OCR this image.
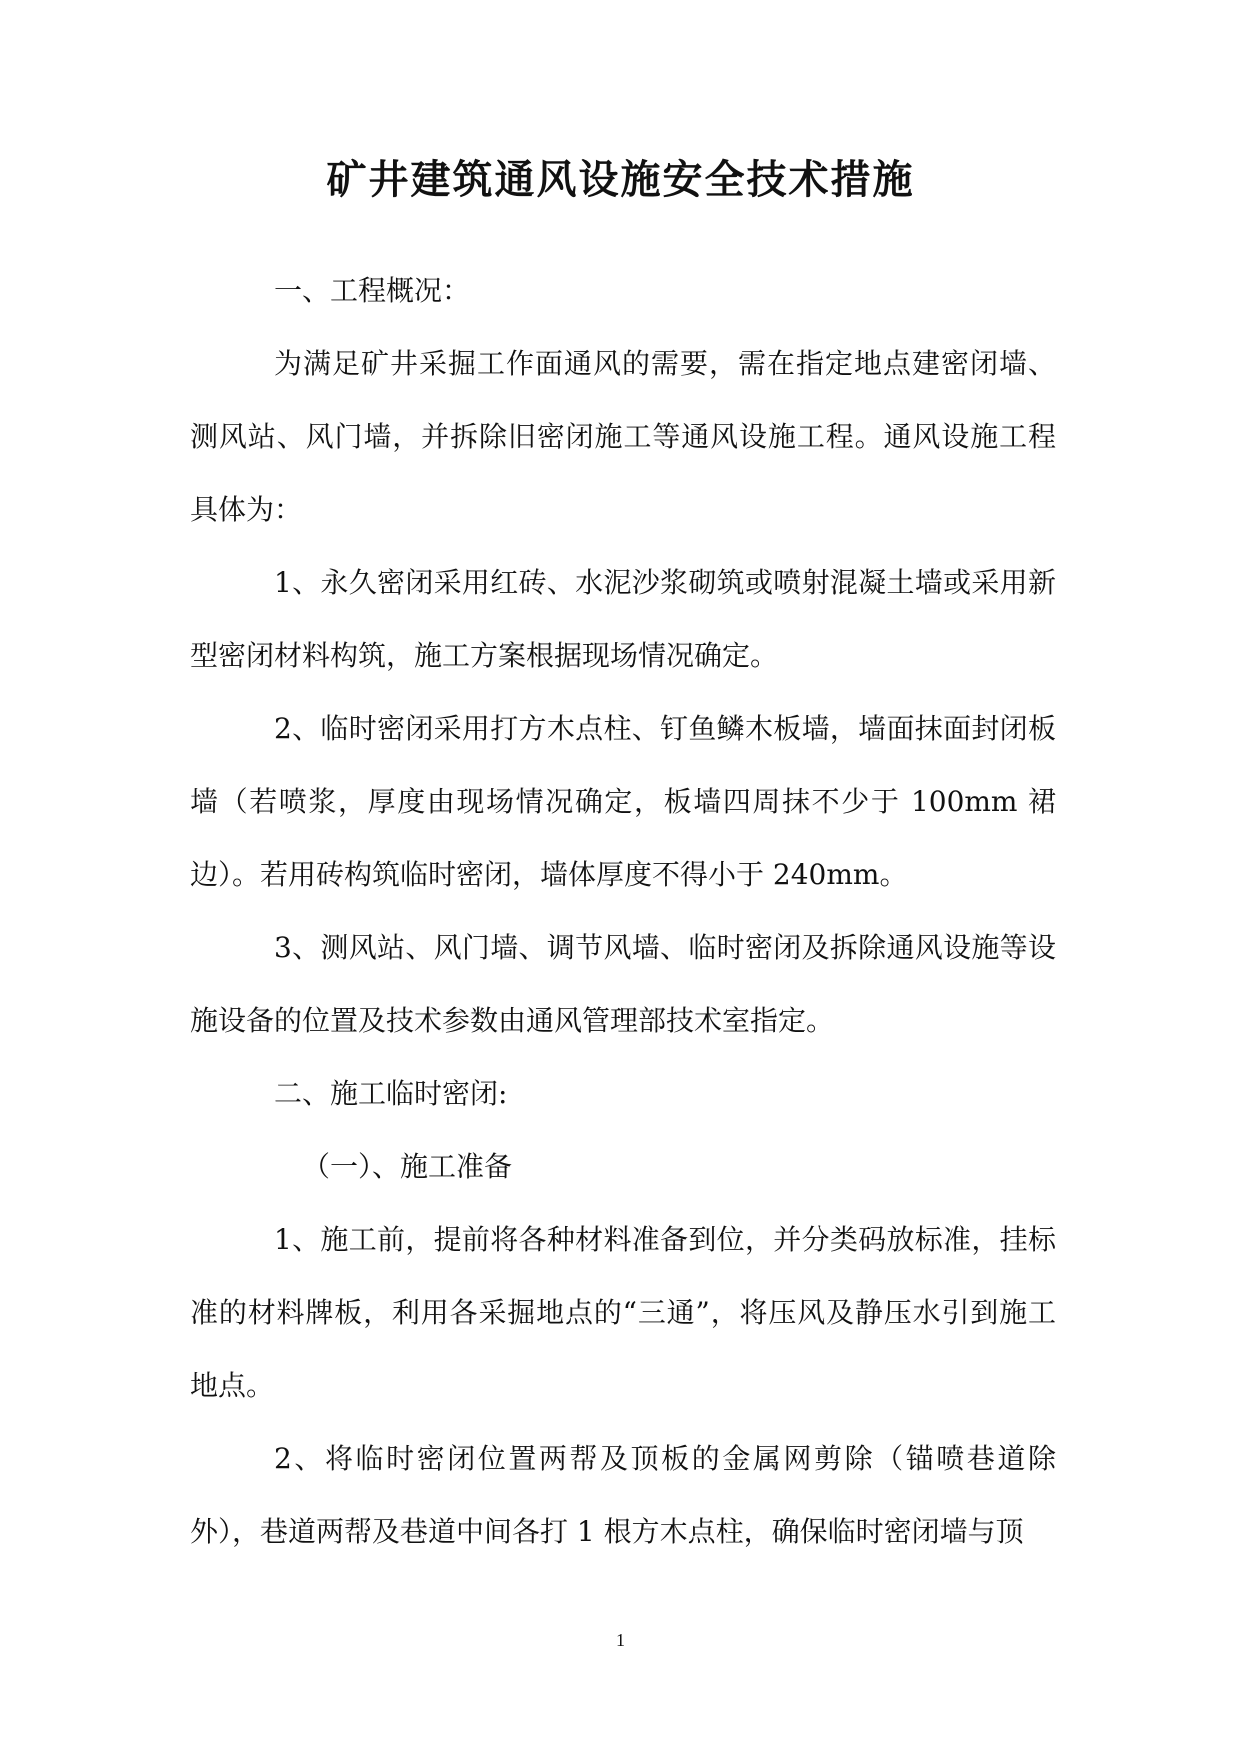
矿井建筑通风设施安全技术措施

一、工程概况：

为满足矿井采掘工作面通风的需要，需在指定地点建密闭墙、测风站、风门墙，并拆除旧密闭施工等通风设施工程。通风设施工程具体为：

1、永久密闭采用红砖、水泥沙浆砌筑或喷射混凝土墙或采用新型密闭材料构筑，施工方案根据现场情况确定。

2、临时密闭采用打方木点柱、钉鱼鳞木板墙，墙面抹面封闭板墙（若喷浆，厚度由现场情况确定，板墙四周抹不少于 100mm 裙边）。若用砖构筑临时密闭，墙体厚度不得小于 240mm。

3、测风站、风门墙、调节风墙、临时密闭及拆除通风设施等设施设备的位置及技术参数由通风管理部技术室指定。

二、施工临时密闭:

（一）、施工准备

1、施工前，提前将各种材料准备到位，并分类码放标准，挂标准的材料牌板，利用各采掘地点的“三通”，将压风及静压水引到施工地点。

2、将临时密闭位置两帮及顶板的金属网剪除（锚喷巷道除外），巷道两帮及巷道中间各打 1 根方木点柱，确保临时密闭墙与顶

1
